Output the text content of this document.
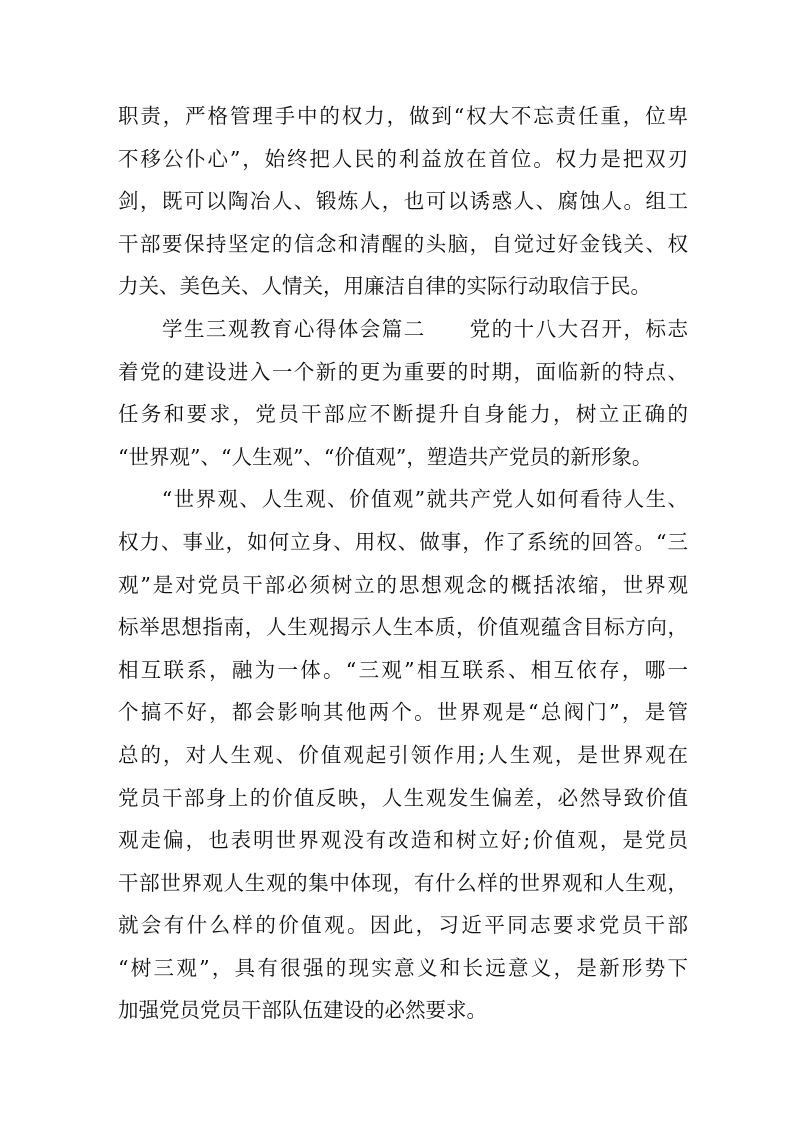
职责，严格管理手中的权力，做到“权大不忘责任重，位卑
不移公仆心”，始终把人民的利益放在首位。权力是把双刃
剑，既可以陶冶人、锻炼人，也可以诱惑人、腐蚀人。组工
干部要保持坚定的信念和清醒的头脑，自觉过好金钱关、权
力关、美色关、人情关，用廉洁自律的实际行动取信于民。
　　学生三观教育心得体会篇二　　党的十八大召开，标志
着党的建设进入一个新的更为重要的时期，面临新的特点、
任务和要求，党员干部应不断提升自身能力，树立正确的
“世界观”、“人生观”、“价值观”，塑造共产党员的新形象。
　　“世界观、人生观、价值观”就共产党人如何看待人生、
权力、事业，如何立身、用权、做事，作了系统的回答。“三
观”是对党员干部必须树立的思想观念的概括浓缩，世界观
标举思想指南，人生观揭示人生本质，价值观蕴含目标方向，
相互联系，融为一体。“三观”相互联系、相互依存，哪一
个搞不好，都会影响其他两个。世界观是“总阀门”，是管
总的，对人生观、价值观起引领作用;人生观，是世界观在
党员干部身上的价值反映，人生观发生偏差，必然导致价值
观走偏，也表明世界观没有改造和树立好;价值观，是党员
干部世界观人生观的集中体现，有什么样的世界观和人生观，
就会有什么样的价值观。因此，习近平同志要求党员干部
“树三观”，具有很强的现实意义和长远意义，是新形势下
加强党员党员干部队伍建设的必然要求。
